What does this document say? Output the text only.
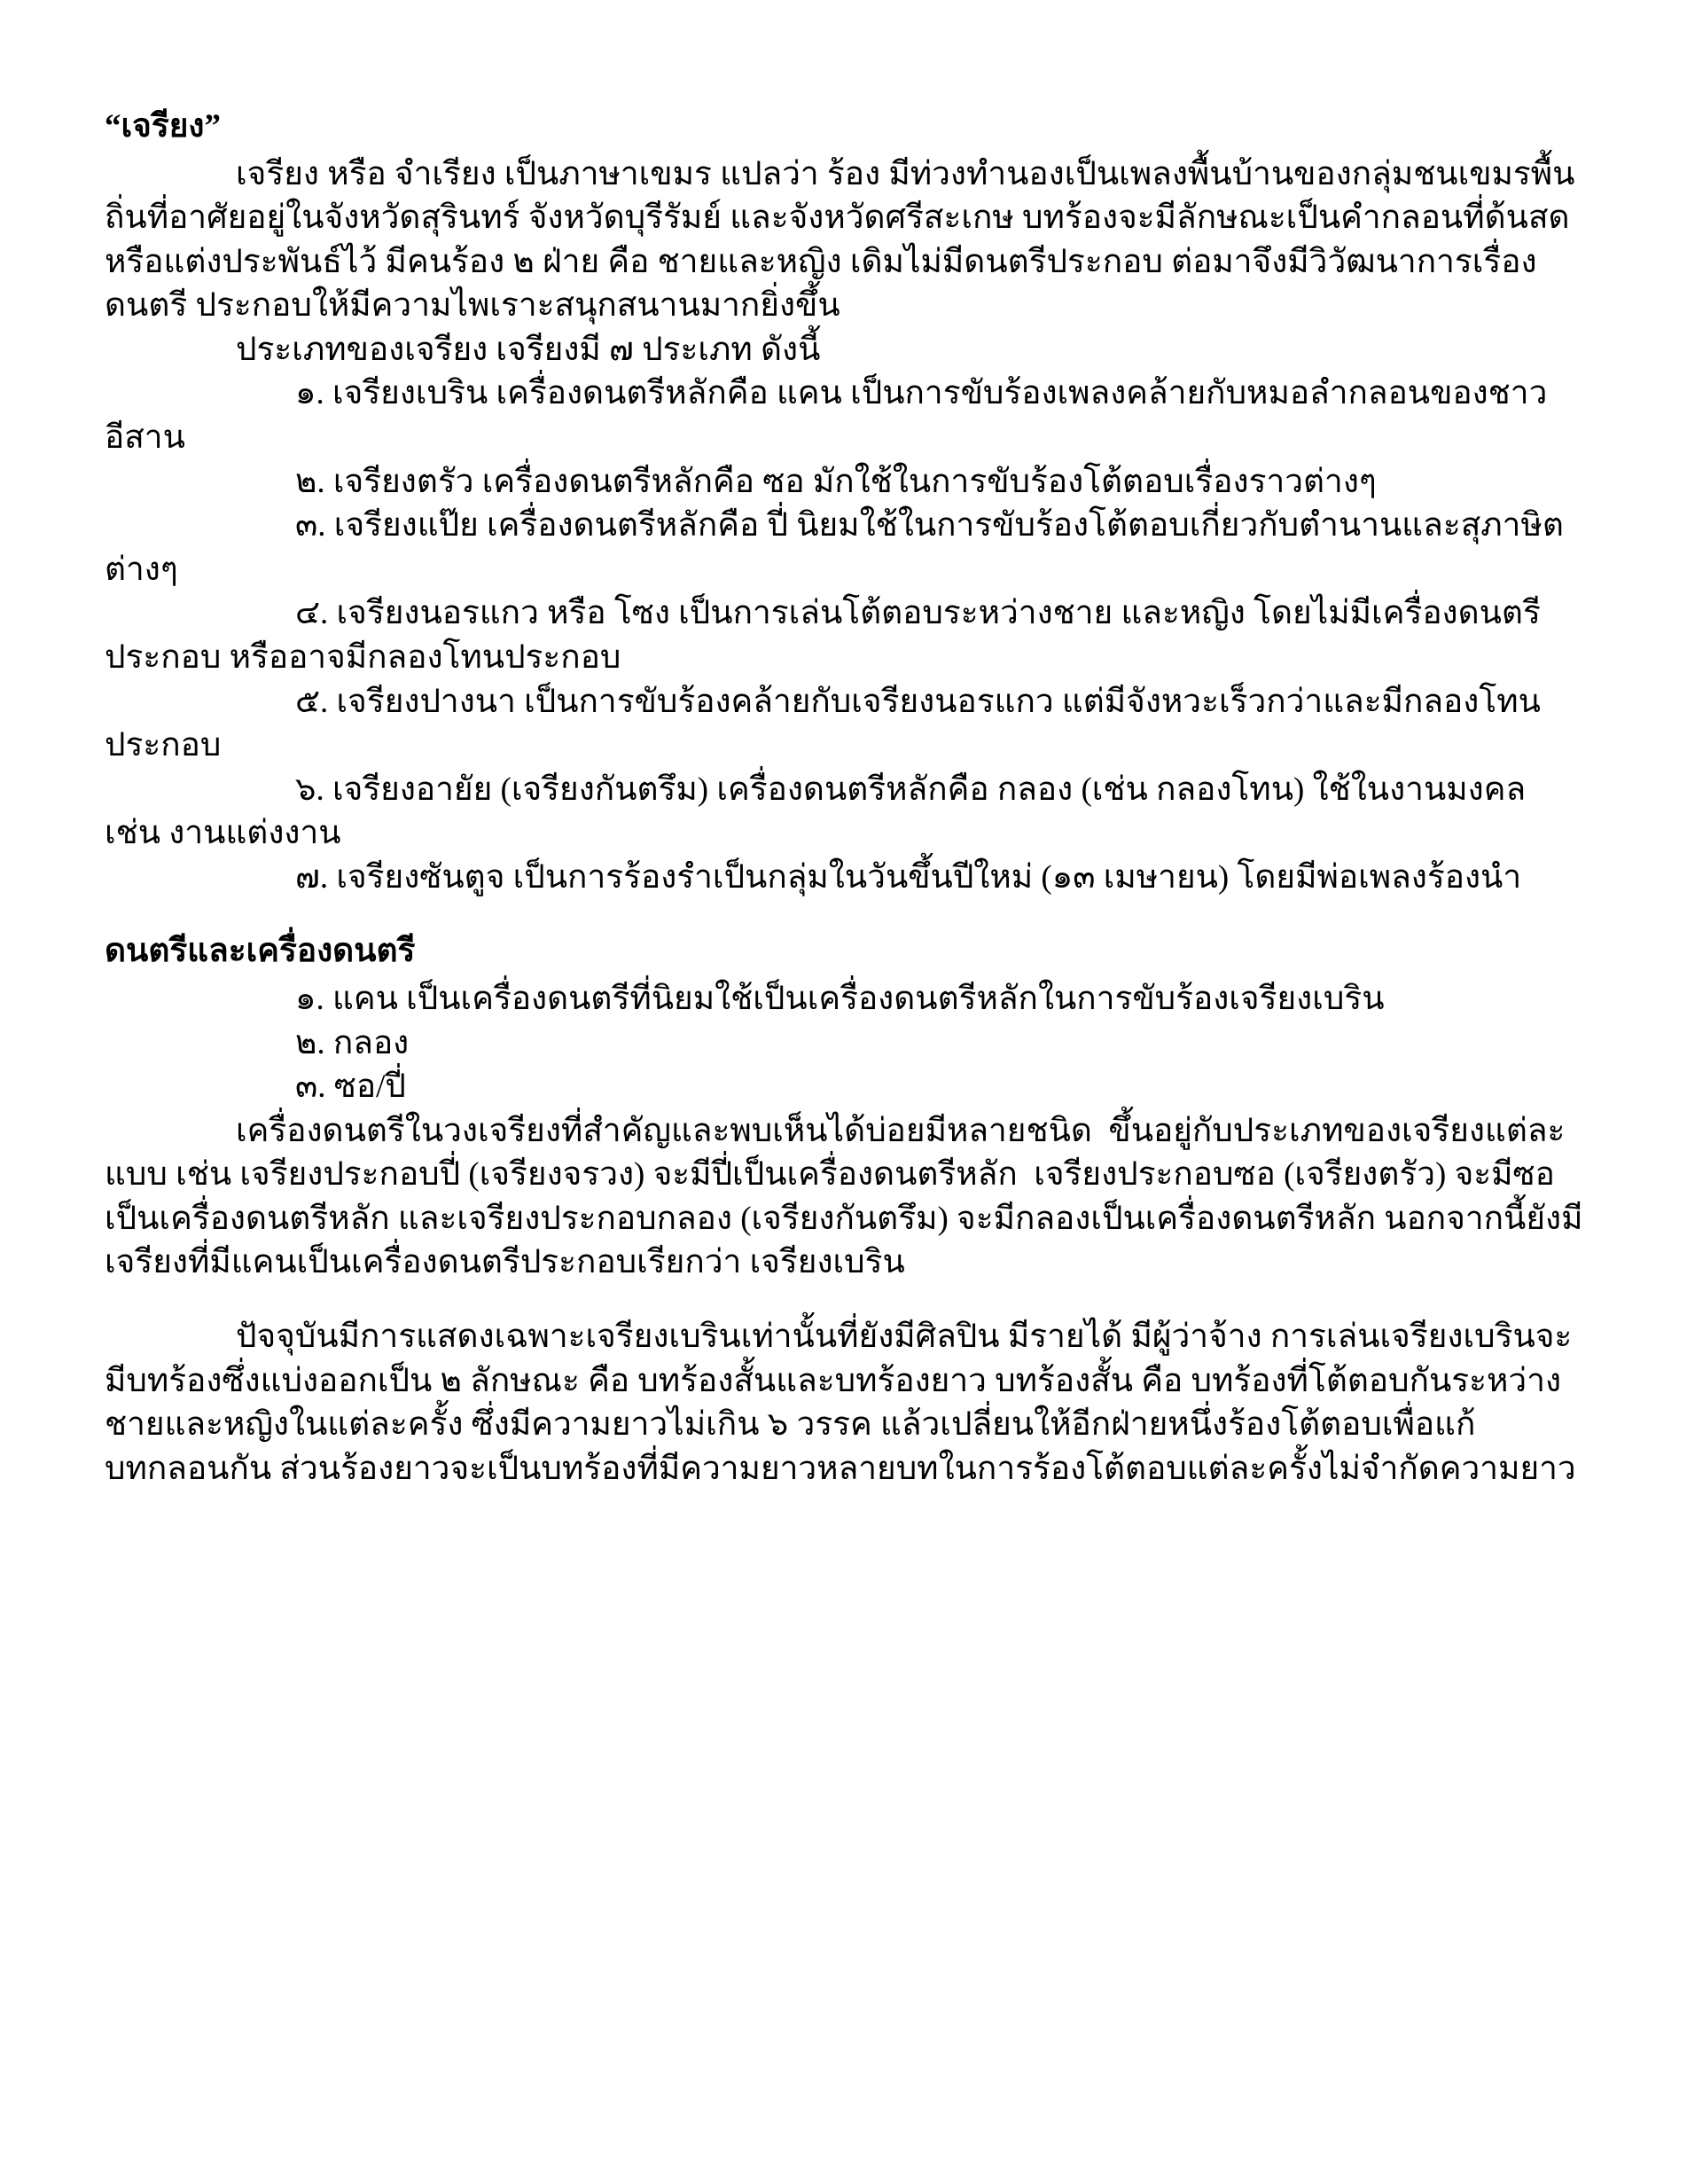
“เจรียง”

เจรียง หรือ จำเรียง เป็นภาษาเขมร แปลว่า ร้อง มีท่วงทำนองเป็นเพลงพื้นบ้านของกลุ่มชนเขมรพื้นถิ่นที่อาศัยอยู่ในจังหวัดสุรินทร์ จังหวัดบุรีรัมย์ และจังหวัดศรีสะเกษ บทร้องจะมีลักษณะเป็นคำกลอนที่ด้นสดหรือแต่งประพันธ์ไว้ มีคนร้อง ๒ ฝ่าย คือ ชายและหญิง เดิมไม่มีดนตรีประกอบ ต่อมาจึงมีวิวัฒนาการเรื่อง ดนตรี ประกอบให้มีความไพเราะสนุกสนานมากยิ่งขึ้น

ประเภทของเจรียง เจรียงมี ๗ ประเภท ดังนี้

๑. เจรียงเบริน เครื่องดนตรีหลักคือ แคน เป็นการขับร้องเพลงคล้ายกับหมอลำกลอนของชาวอีสาน

๒. เจรียงตรัว เครื่องดนตรีหลักคือ ซอ มักใช้ในการขับร้องโต้ตอบเรื่องราวต่างๆ

๓. เจรียงแป๊ย เครื่องดนตรีหลักคือ ปี่ นิยมใช้ในการขับร้องโต้ตอบเกี่ยวกับตำนานและสุภาษิตต่างๆ

๔. เจรียงนอรแกว หรือ โซง เป็นการเล่นโต้ตอบระหว่างชาย และหญิง โดยไม่มีเครื่องดนตรีประกอบ หรืออาจมีกลองโทนประกอบ

๕. เจรียงปางนา เป็นการขับร้องคล้ายกับเจรียงนอรแกว แต่มีจังหวะเร็วกว่าและมีกลองโทนประกอบ

๖. เจรียงอายัย (เจรียงกันตรึม) เครื่องดนตรีหลักคือ กลอง (เช่น กลองโทน) ใช้ในงานมงคล เช่น งานแต่งงาน

๗. เจรียงซันตูจ เป็นการร้องรำเป็นกลุ่มในวันขึ้นปีใหม่ (๑๓ เมษายน) โดยมีพ่อเพลงร้องนำ

ดนตรีและเครื่องดนตรี

๑. แคน เป็นเครื่องดนตรีที่นิยมใช้เป็นเครื่องดนตรีหลักในการขับร้องเจรียงเบริน

๒. กลอง

๓. ซอ/ปี่

เครื่องดนตรีในวงเจรียงที่สำคัญและพบเห็นได้บ่อยมีหลายชนิด  ขึ้นอยู่กับประเภทของเจรียงแต่ละแบบ เช่น เจรียงประกอบปี่ (เจรียงจรวง) จะมีปี่เป็นเครื่องดนตรีหลัก  เจรียงประกอบซอ (เจรียงตรัว) จะมีซอเป็นเครื่องดนตรีหลัก และเจรียงประกอบกลอง (เจรียงกันตรึม) จะมีกลองเป็นเครื่องดนตรีหลัก นอกจากนี้ยังมีเจรียงที่มีแคนเป็นเครื่องดนตรีประกอบเรียกว่า เจรียงเบริน

ปัจจุบันมีการแสดงเฉพาะเจรียงเบรินเท่านั้นที่ยังมีศิลปิน มีรายได้ มีผู้ว่าจ้าง การเล่นเจรียงเบรินจะมีบทร้องซึ่งแบ่งออกเป็น ๒ ลักษณะ คือ บทร้องสั้นและบทร้องยาว บทร้องสั้น คือ บทร้องที่โต้ตอบกันระหว่างชายและหญิงในแต่ละครั้ง ซึ่งมีความยาวไม่เกิน ๖ วรรค แล้วเปลี่ยนให้อีกฝ่ายหนึ่งร้องโต้ตอบเพื่อแก้บทกลอนกัน ส่วนร้องยาวจะเป็นบทร้องที่มีความยาวหลายบทในการร้องโต้ตอบแต่ละครั้งไม่จำกัดความยาว
